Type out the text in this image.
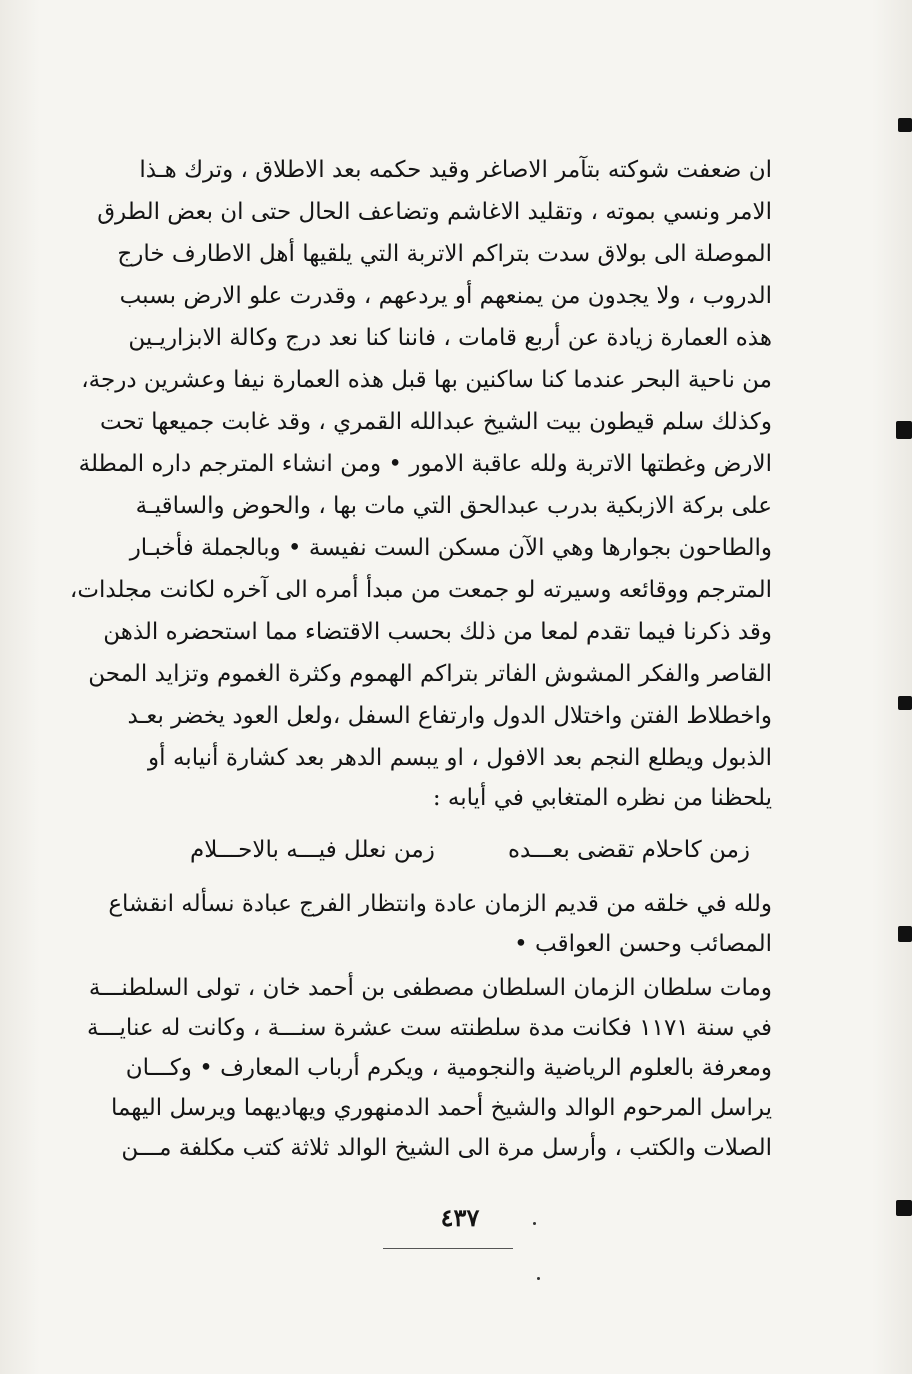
ان ضعفت شوكته بتآمر الاصاغر وقيد حكمه بعد الاطلاق ، وترك هـذا
الامر ونسي بموته ، وتقليد الاغاشم وتضاعف الحال حتى ان بعض الطرق
الموصلة الى بولاق سدت بتراكم الاتربة التي يلقيها أهل الاطارف خارج
الدروب ، ولا يجدون من يمنعهم أو يردعهم ، وقدرت علو الارض بسبب
هذه العمارة زيادة عن أربع قامات ، فاننا كنا نعد درج وكالة الابزاريـين
من ناحية البحر عندما كنا ساكنين بها قبل هذه العمارة نيفا وعشرين درجة،
وكذلك سلم قيطون بيت الشيخ عبدالله القمري ، وقد غابت جميعها تحت
الارض وغطتها الاتربة ولله عاقبة الامور • ومن انشاء المترجم داره المطلة
على بركة الازبكية بدرب عبدالحق التي مات بها ، والحوض والساقيـة
والطاحون بجوارها وهي الآن مسكن الست نفيسة • وبالجملة فأخبـار
المترجم ووقائعه وسيرته لو جمعت من مبدأ أمره الى آخره لكانت مجلدات،
وقد ذكرنا فيما تقدم لمعا من ذلك بحسب الاقتضاء مما استحضره الذهن
القاصر والفكر المشوش الفاتر بتراكم الهموم وكثرة الغموم وتزايد المحن
واخطلاط الفتن واختلال الدول وارتفاع السفل ،ولعل العود يخضر بعـد
الذبول ويطلع النجم بعد الافول ، او يبسم الدهر بعد كشارة أنيابه أو
يلحظنا من نظره المتغابي في أيابه :
زمن كاحلام تقضى بعـــده
زمن نعلل فيـــه بالاحـــلام
ولله في خلقه من قديم الزمان عادة وانتظار الفرج عبادة نسأله انقشاع
المصائب وحسن العواقب •
ومات سلطان الزمان السلطان مصطفى بن أحمد خان ، تولى السلطنـــة
في سنة ١١٧١ فكانت مدة سلطنته ست عشرة سنـــة ، وكانت له عنايـــة
ومعرفة بالعلوم الرياضية والنجومية ، ويكرم أرباب المعارف • وكـــان
يراسل المرحوم الوالد والشيخ أحمد الدمنهوري ويهاديهما ويرسل اليهما
الصلات والكتب ، وأرسل مرة الى الشيخ الوالد ثلاثة كتب مكلفة مـــن
٤٣٧
